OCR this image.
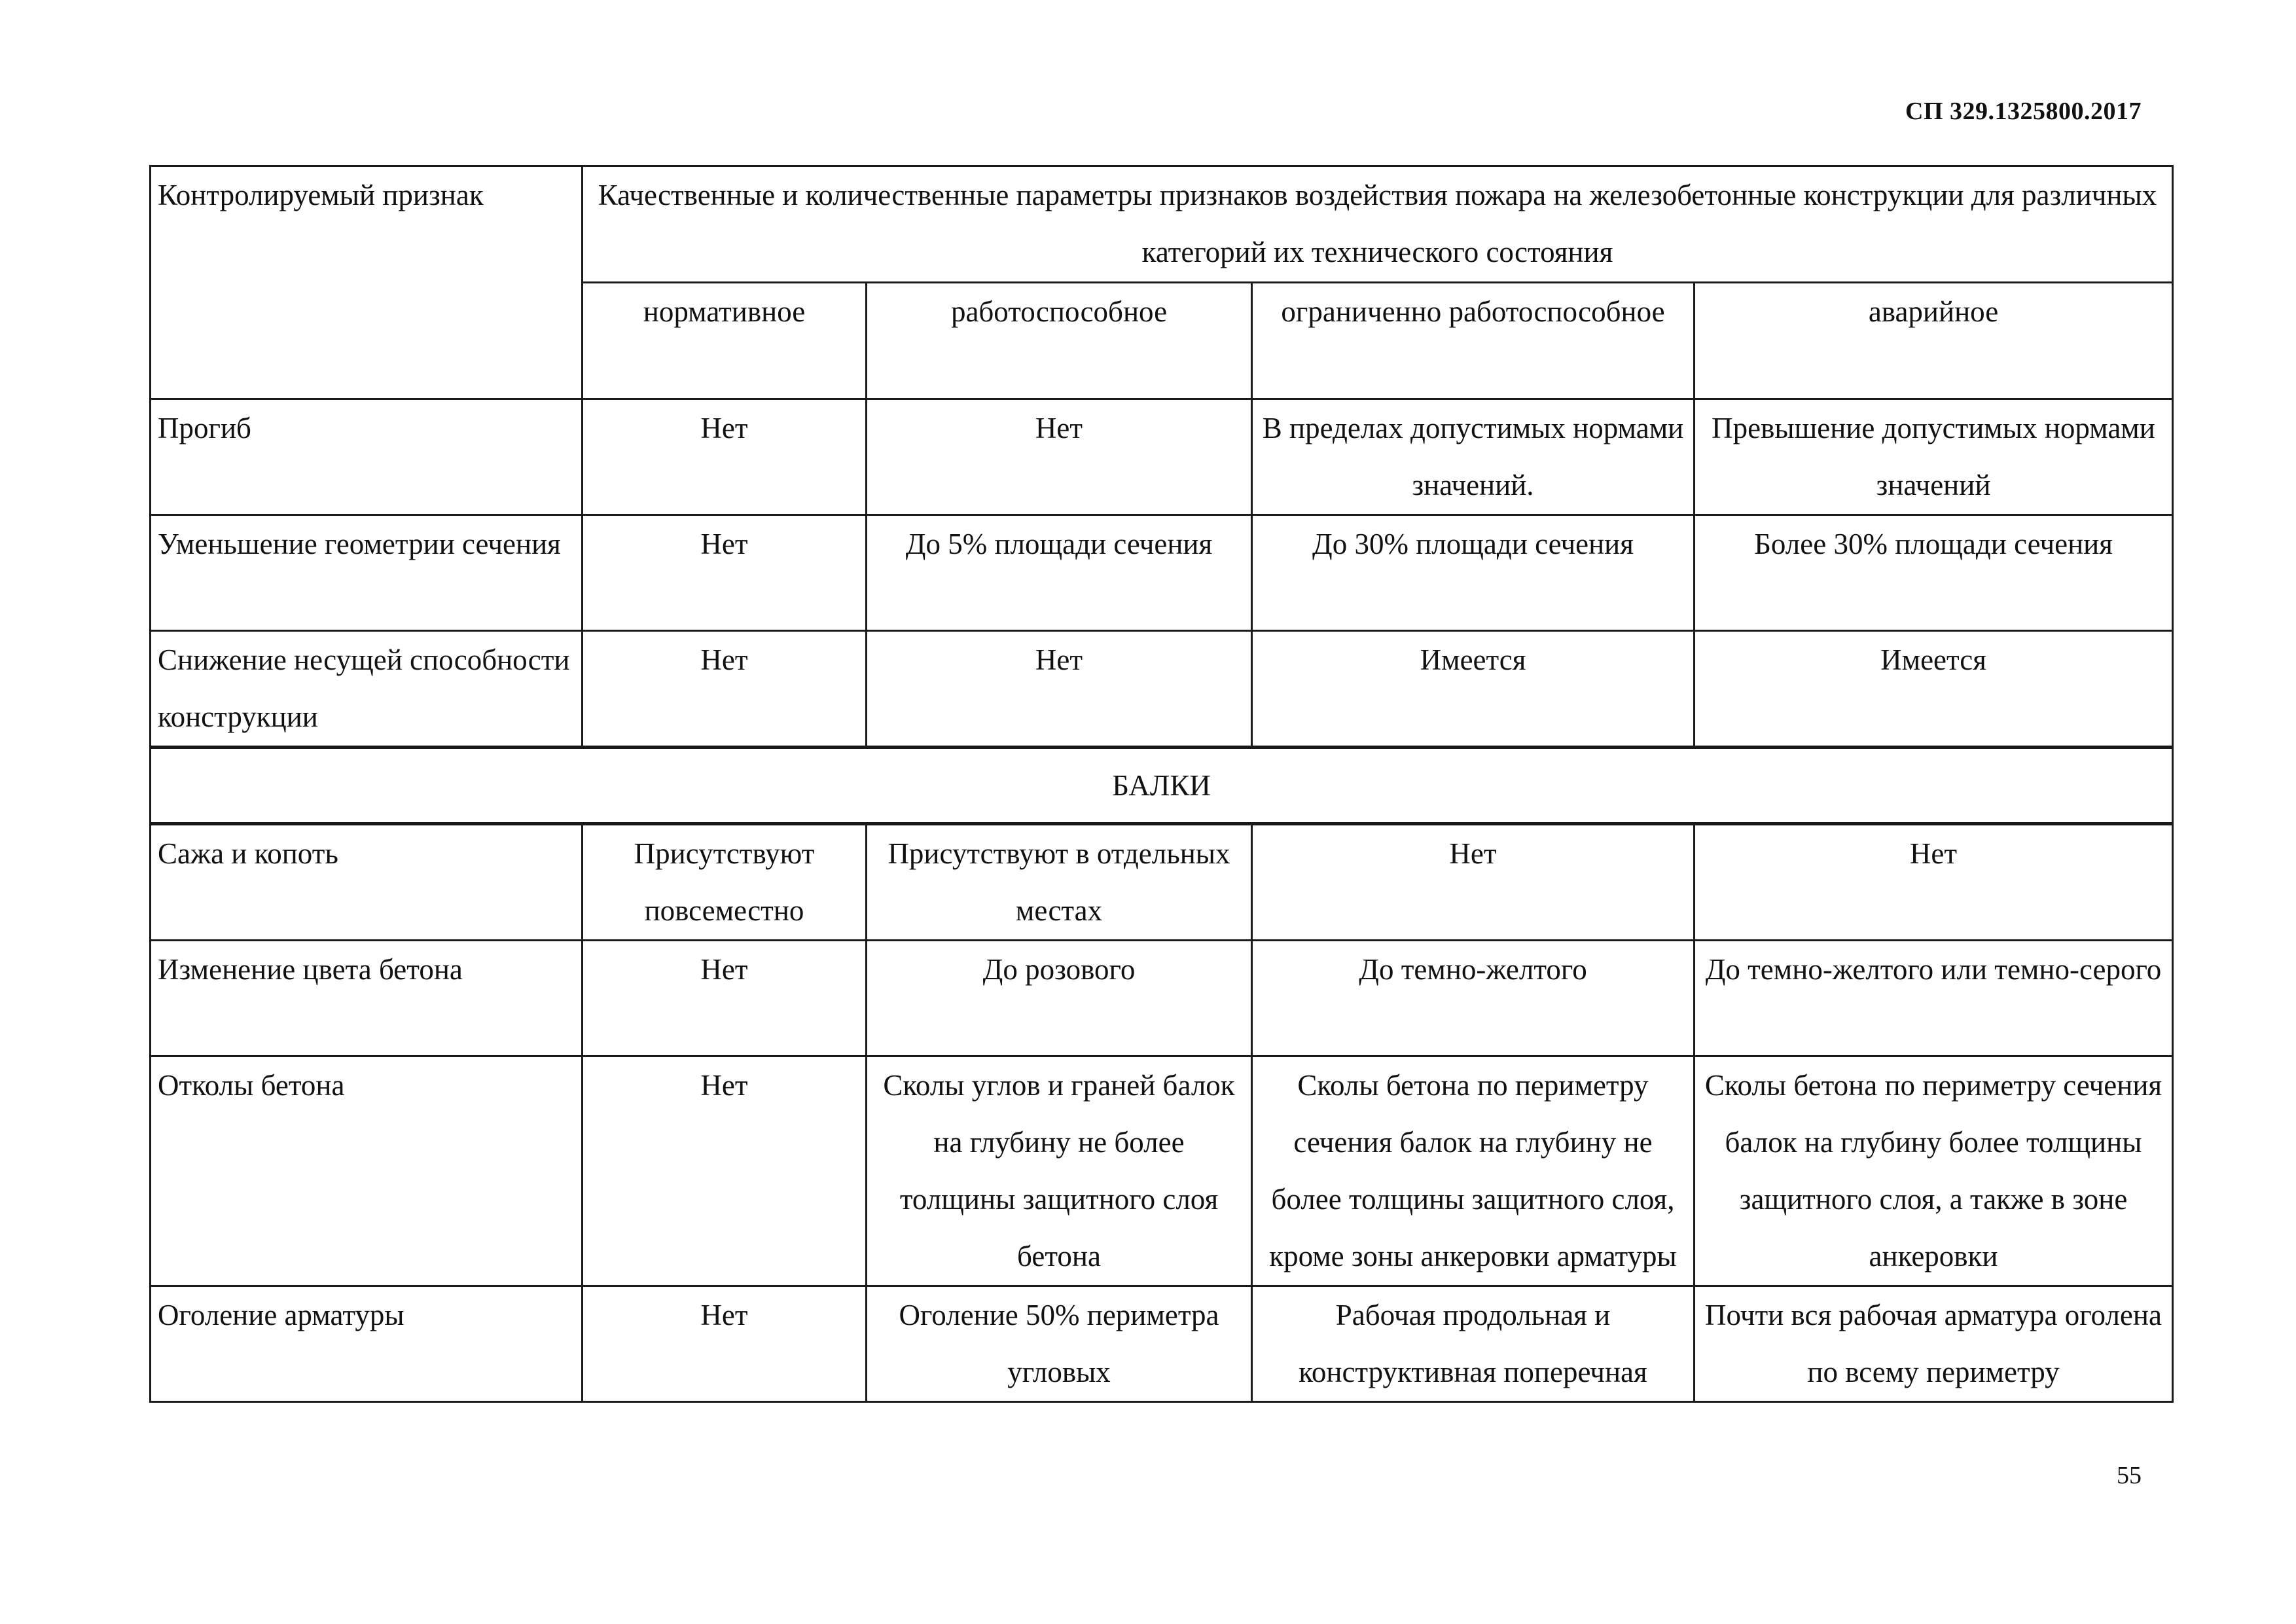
СП 329.1325800.2017
Контролируемый признак	Качественные и количественные параметры признаков воздействия пожара на железобетонные конструкции для различных категорий их технического состояния			
	нормативное	работоспособное	ограниченно работоспособное	аварийное
Прогиб	Нет	Нет	В пределах допустимых нормами значений.	Превышение допустимых нормами значений
Уменьшение геометрии сечения	Нет	До 5% площади сечения	До 30% площади сечения	Более 30% площади сечения
Снижение несущей способности конструкции	Нет	Нет	Имеется	Имеется
БАЛКИ				
Сажа и копоть	Присутствуют повсеместно	Присутствуют в отдельных местах	Нет	Нет
Изменение цвета бетона	Нет	До розового	До темно-желтого	До темно-желтого или темно-серого
Отколы бетона	Нет	Сколы углов и граней балок на глубину не более толщины защитного слоя бетона	Сколы бетона по периметру сечения балок на глубину не более толщины защитного слоя, кроме зоны анкеровки арматуры	Сколы бетона по периметру сечения балок на глубину более толщины защитного слоя, а также в зоне анкеровки
Оголение арматуры	Нет	Оголение 50% периметра угловых	Рабочая продольная и конструктивная поперечная	Почти вся рабочая арматура оголена по всему периметру
55
